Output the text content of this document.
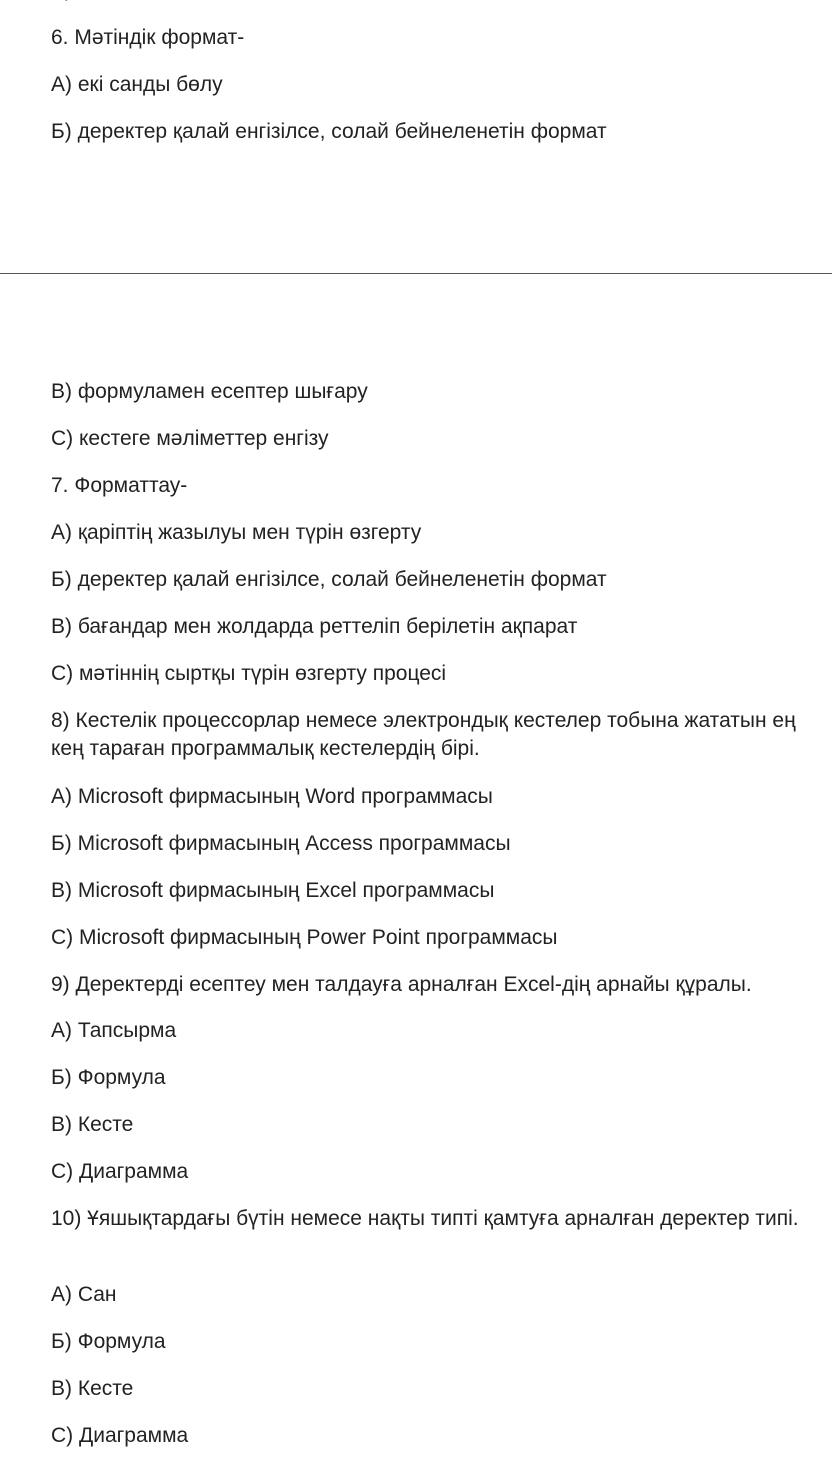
6. Мәтіндік формат-
А) екі санды бөлу
Б) деректер қалай енгізілсе, солай бейнеленетін формат
В) формуламен есептер шығару
С) кестеге мәліметтер енгізу
7. Форматтау-
А) қаріптің жазылуы мен түрін өзгерту
Б) деректер қалай енгізілсе, солай бейнеленетін формат
В) бағандар мен жолдарда реттеліп берілетін ақпарат
С) мәтіннің сыртқы түрін өзгерту процесі
8) Кестелік процессорлар немесе электрондық кестелер тобына жататын ең кең тараған программалық кестелердің бірі.
А) Microsoft фирмасының Word программасы
Б) Microsoft фирмасының Access программасы
В) Microsoft фирмасының Excel программасы
С) Microsoft фирмасының Power Point программасы
9) Деректерді есептеу мен талдауға арналған Excel-дің арнайы құралы.
А) Тапсырма
Б) Формула
В) Кесте
С) Диаграмма
10) Ұяшықтардағы бүтін немесе нақты типті қамтуға арналған деректер типі.
А) Сан
Б) Формула
В) Кесте
С) Диаграмма
